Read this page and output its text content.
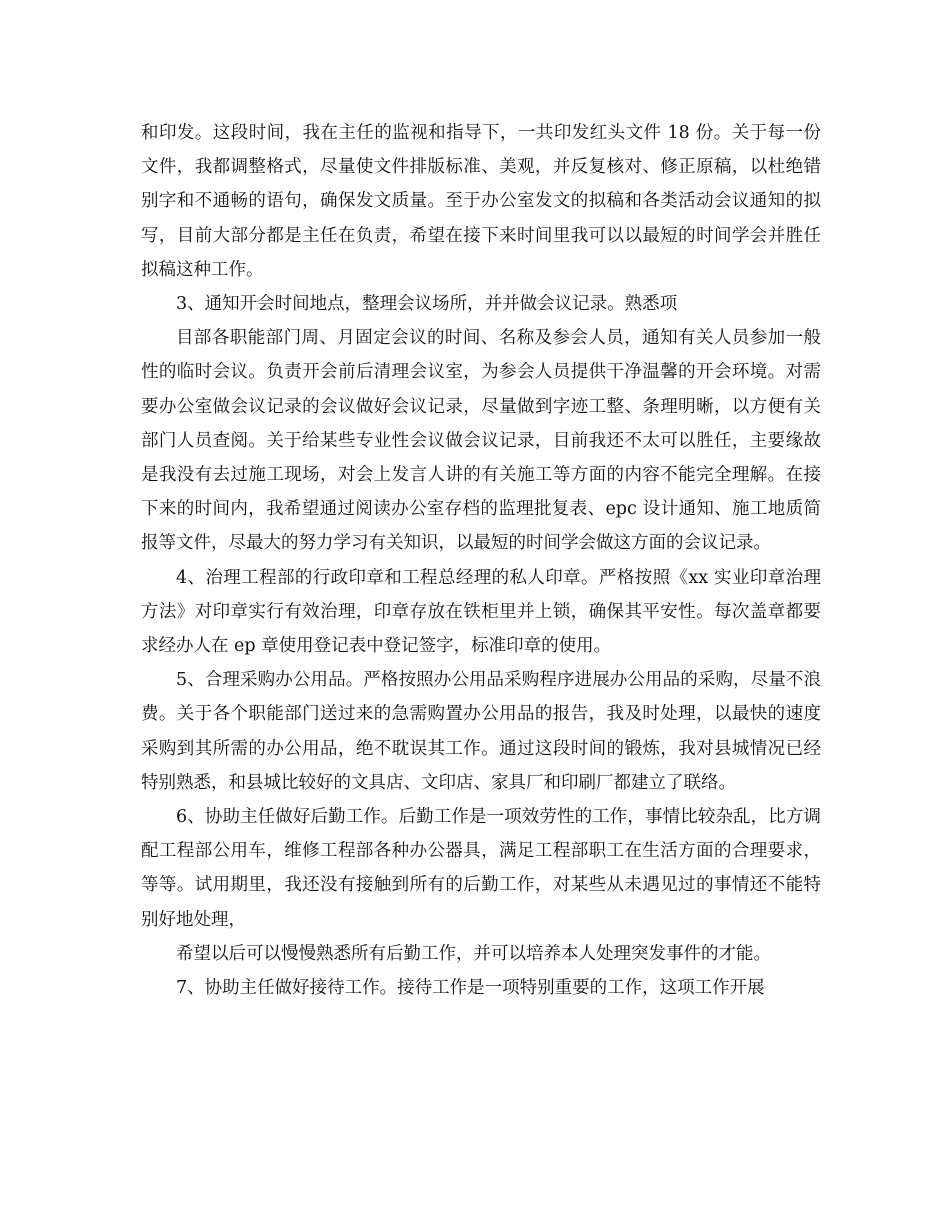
和印发。这段时间，我在主任的监视和指导下，一共印发红头文件 18 份。关于每一份文件，我都调整格式，尽量使文件排版标准、美观，并反复核对、修正原稿，以杜绝错别字和不通畅的语句，确保发文质量。至于办公室发文的拟稿和各类活动会议通知的拟写，目前大部分都是主任在负责，希望在接下来时间里我可以以最短的时间学会并胜任拟稿这种工作。

3、通知开会时间地点，整理会议场所，并并做会议记录。熟悉项

目部各职能部门周、月固定会议的时间、名称及参会人员，通知有关人员参加一般性的临时会议。负责开会前后清理会议室，为参会人员提供干净温馨的开会环境。对需要办公室做会议记录的会议做好会议记录，尽量做到字迹工整、条理明晰，以方便有关部门人员查阅。关于给某些专业性会议做会议记录，目前我还不太可以胜任，主要缘故是我没有去过施工现场，对会上发言人讲的有关施工等方面的内容不能完全理解。在接下来的时间内，我希望通过阅读办公室存档的监理批复表、epc 设计通知、施工地质简报等文件，尽最大的努力学习有关知识，以最短的时间学会做这方面的会议记录。

4、治理工程部的行政印章和工程总经理的私人印章。严格按照《xx 实业印章治理方法》对印章实行有效治理，印章存放在铁柜里并上锁，确保其平安性。每次盖章都要求经办人在 ep 章使用登记表中登记签字，标准印章的使用。

5、合理采购办公用品。严格按照办公用品采购程序进展办公用品的采购，尽量不浪费。关于各个职能部门送过来的急需购置办公用品的报告，我及时处理，以最快的速度采购到其所需的办公用品，绝不耽误其工作。通过这段时间的锻炼，我对县城情况已经特别熟悉，和县城比较好的文具店、文印店、家具厂和印刷厂都建立了联络。

6、协助主任做好后勤工作。后勤工作是一项效劳性的工作，事情比较杂乱，比方调配工程部公用车，维修工程部各种办公器具，满足工程部职工在生活方面的合理要求，等等。试用期里，我还没有接触到所有的后勤工作，对某些从未遇见过的事情还不能特别好地处理，

希望以后可以慢慢熟悉所有后勤工作，并可以培养本人处理突发事件的才能。

7、协助主任做好接待工作。接待工作是一项特别重要的工作，这项工作开展
